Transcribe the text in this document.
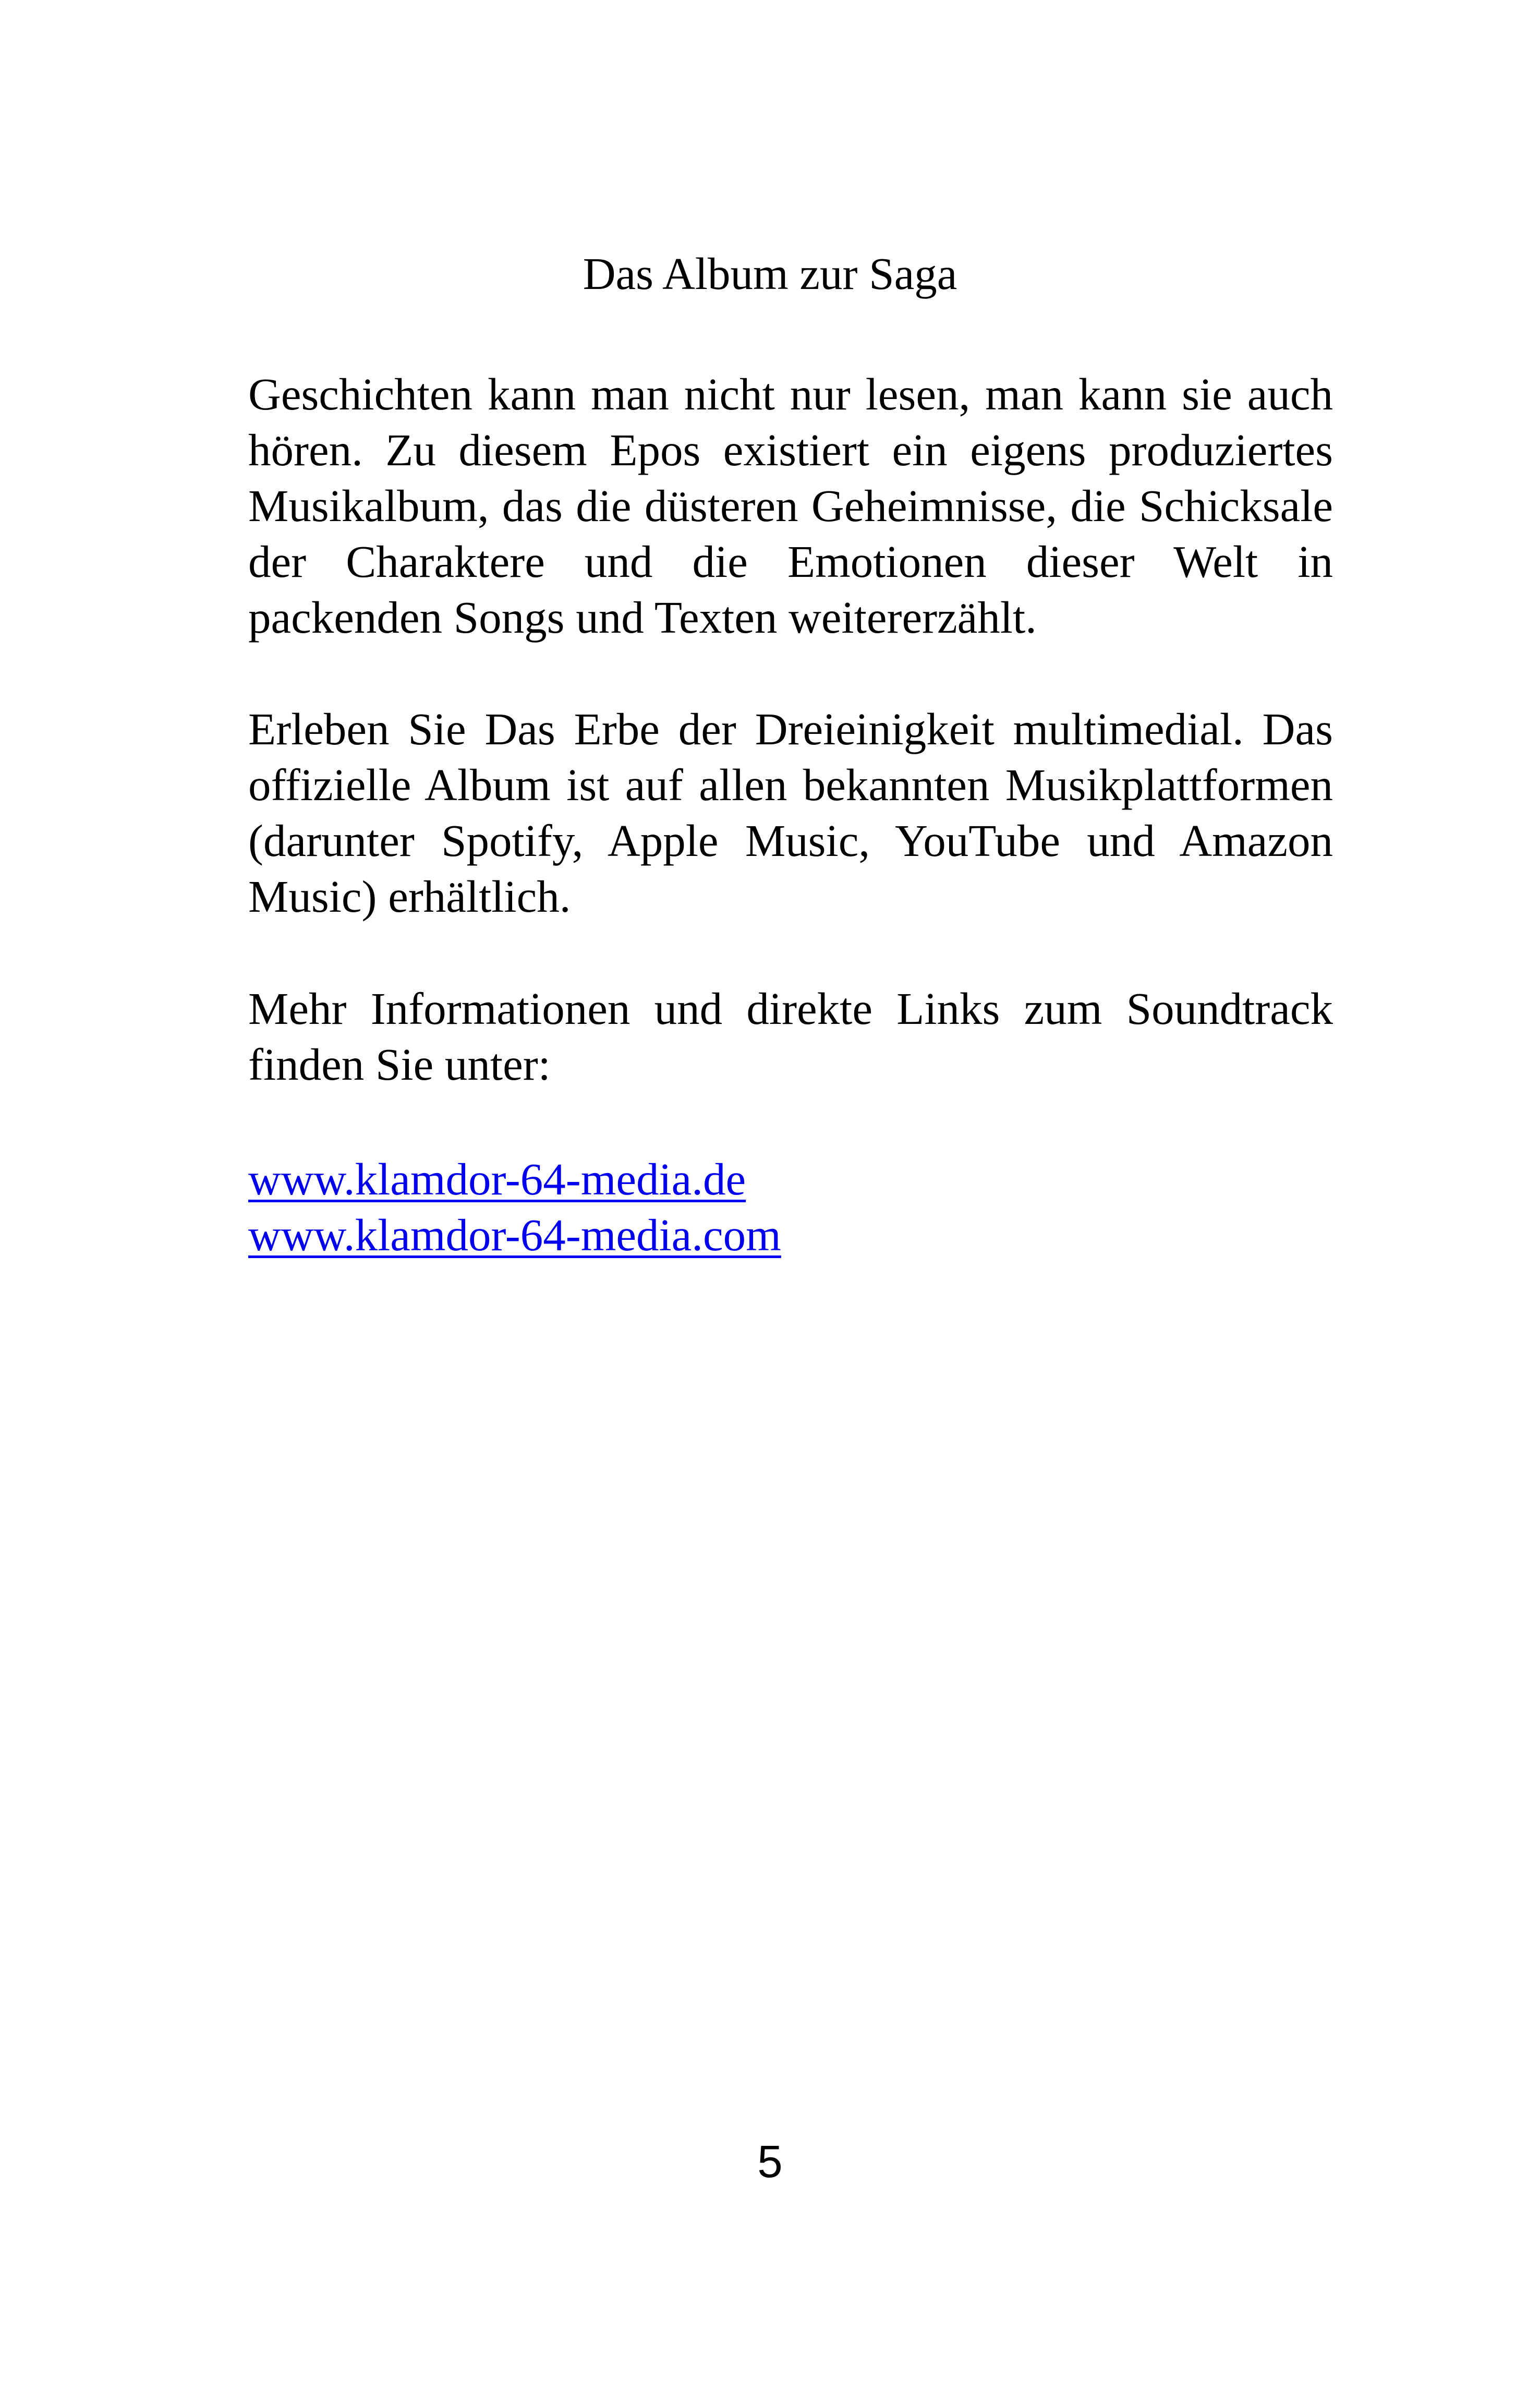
Das Album zur Saga

Geschichten kann man nicht nur lesen, man kann sie auch hören. Zu diesem Epos existiert ein eigens produziertes Musikalbum, das die düsteren Geheimnisse, die Schicksale der Charaktere und die Emotionen dieser Welt in packenden Songs und Texten weitererzählt.

Erleben Sie Das Erbe der Dreieinigkeit multimedial. Das offizielle Album ist auf allen bekannten Musikplattformen (darunter Spotify, Apple Music, YouTube und Amazon Music) erhältlich.

Mehr Informationen und direkte Links zum Soundtrack finden Sie unter:

www.klamdor-64-media.de
www.klamdor-64-media.com
5
